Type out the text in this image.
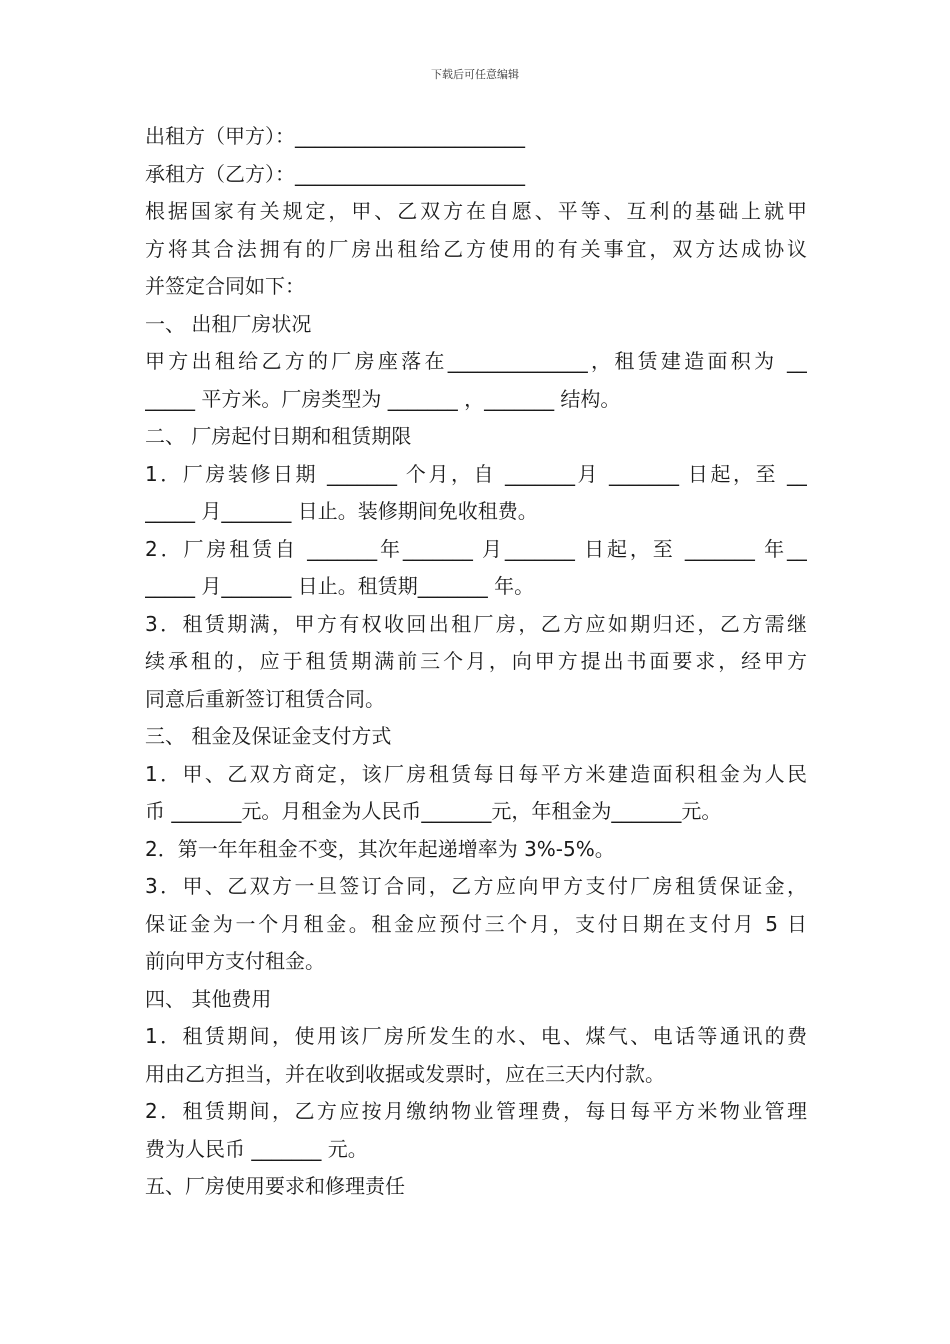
下载后可任意编辑
出租方（甲方）：_______________________
承租方（乙方）：_______________________
根据国家有关规定，甲、乙双方在自愿、平等、互利的基础上就甲
方将其合法拥有的厂房出租给乙方使用的有关事宜，双方达成协议
并签定合同如下：
一、 出租厂房状况
甲方出租给乙方的厂房座落在______________，租赁建造面积为 __
_____ 平方米。厂房类型为 _______ ，_______ 结构。
二、 厂房起付日期和租赁期限
1．厂房装修日期 _______ 个月，自 _______月 _______ 日起，至 __
_____ 月_______ 日止。装修期间免收租费。
2．厂房租赁自 _______年_______ 月_______ 日起，至 _______ 年__
_____ 月_______ 日止。租赁期_______ 年。
3．租赁期满，甲方有权收回出租厂房，乙方应如期归还，乙方需继
续承租的，应于租赁期满前三个月，向甲方提出书面要求，经甲方
同意后重新签订租赁合同。
三、 租金及保证金支付方式
1．甲、乙双方商定，该厂房租赁每日每平方米建造面积租金为人民
币 _______元。月租金为人民币_______元，年租金为_______元。
2．第一年年租金不变，其次年起递增率为 3%-5%。
3．甲、乙双方一旦签订合同，乙方应向甲方支付厂房租赁保证金，
保证金为一个月租金。租金应预付三个月，支付日期在支付月 5 日
前向甲方支付租金。
四、 其他费用
1．租赁期间，使用该厂房所发生的水、电、煤气、电话等通讯的费
用由乙方担当，并在收到收据或发票时，应在三天内付款。
2．租赁期间，乙方应按月缴纳物业管理费，每日每平方米物业管理
费为人民币 _______ 元。
五、厂房使用要求和修理责任
